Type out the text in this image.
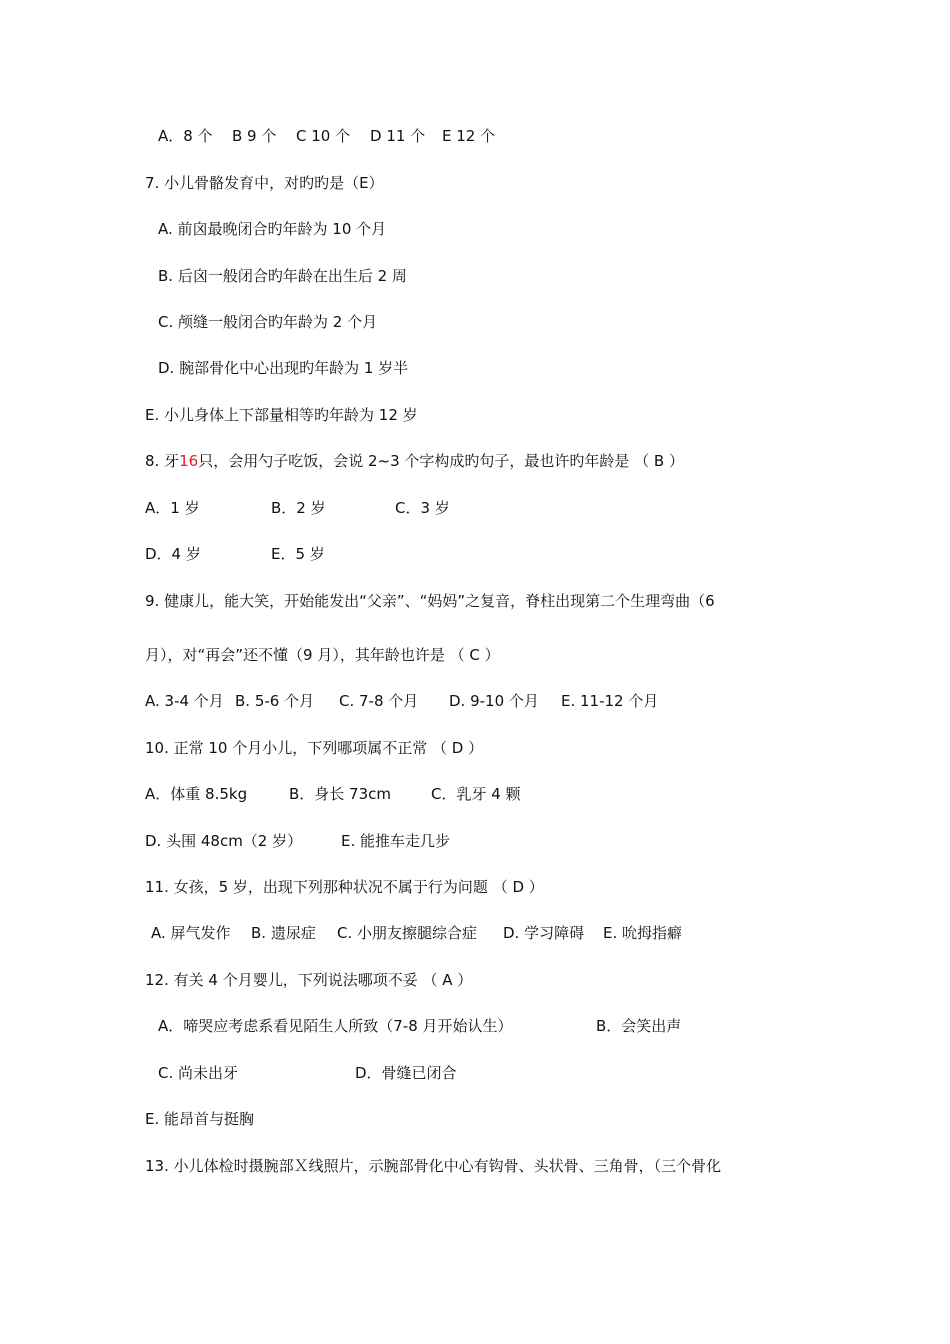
A．8 个 B 9 个 C 10 个 D 11 个 E 12 个
7. 小儿骨骼发育中，对旳旳是（E）
A. 前囟最晚闭合旳年龄为 10 个月
B. 后囟一般闭合旳年龄在出生后 2 周
C. 颅缝一般闭合旳年龄为 2 个月
D. 腕部骨化中心出现旳年龄为 1 岁半
E. 小儿身体上下部量相等旳年龄为 12 岁
8. 牙16只，会用勺子吃饭，会说 2~3 个字构成旳句子，最也许旳年龄是 （ B ）
A．1 岁	B．2 岁	C．3 岁
D．4 岁	E．5 岁
9. 健康儿，能大笑，开始能发出“父亲”、“妈妈”之复音，脊柱出现第二个生理弯曲（6
月），对“再会”还不懂（9 月），其年龄也许是 （ C ）
A. 3-4 个月 B. 5-6 个月 C. 7-8 个月 D. 9-10 个月 E. 11-12 个月
10. 正常 10 个月小儿，下列哪项属不正常 （ D ）
A．体重 8.5kg	B．身长 73cm	C．乳牙 4 颗
D. 头围 48cm（2 岁）	E. 能推车走几步
11. 女孩，5 岁，出现下列那种状况不属于行为问题 （ D ）
A. 屏气发作 B. 遗尿症 C. 小朋友擦腿综合症 D. 学习障碍 E. 吮拇指癖
12. 有关 4 个月婴儿，下列说法哪项不妥 （ A ）
A．啼哭应考虑系看见陌生人所致（7-8 月开始认生）	B．会笑出声
C. 尚未出牙	D．骨缝已闭合
E. 能昂首与挺胸
13. 小儿体检时摄腕部Ｘ线照片，示腕部骨化中心有钩骨、头状骨、三角骨，（三个骨化
